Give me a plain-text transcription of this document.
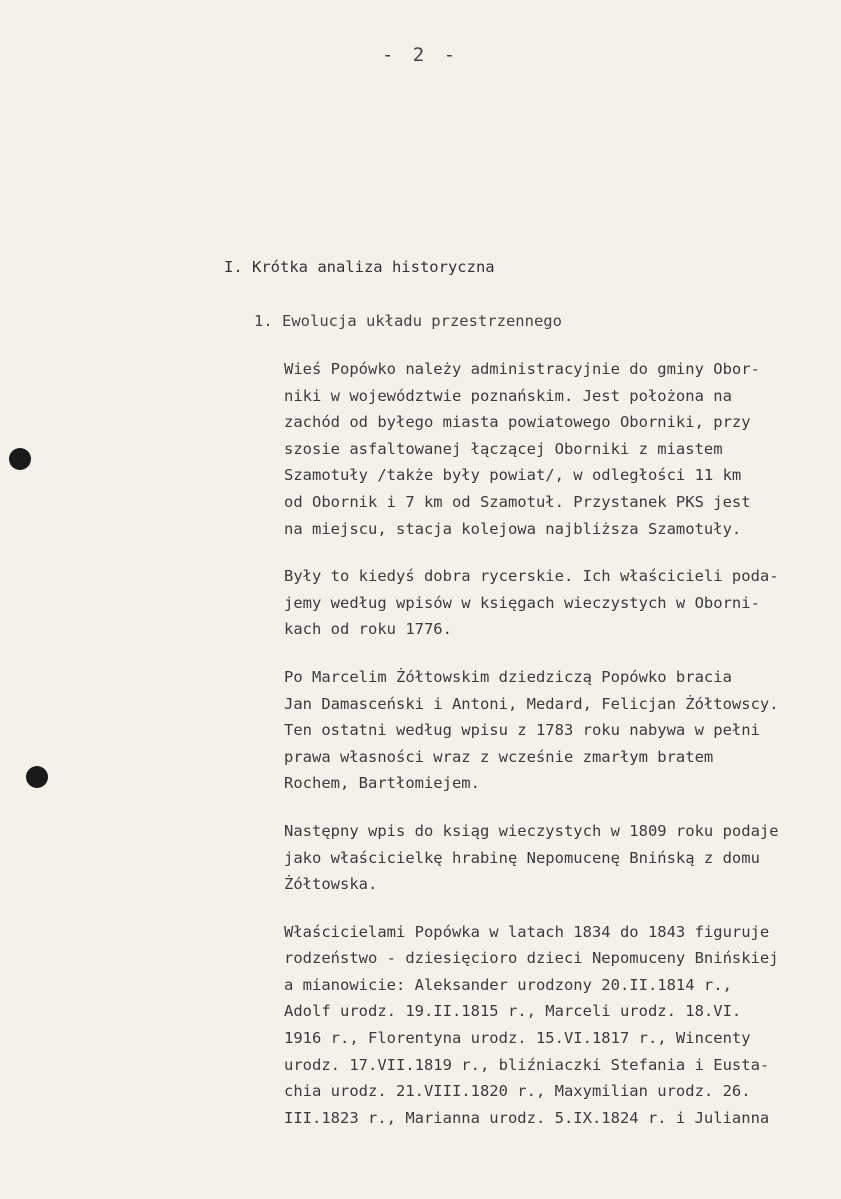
- 2 -
I. Krótka analiza historyczna
1. Ewolucja układu przestrzennego

Wieś Popówko należy administracyjnie do gminy Obor-
niki w województwie poznańskim. Jest położona na
zachód od byłego miasta powiatowego Oborniki, przy
szosie asfaltowanej łączącej Oborniki z miastem
Szamotuły /także były powiat/, w odległości 11 km
od Obornik i 7 km od Szamotuł. Przystanek PKS jest
na miejscu, stacja kolejowa najbliższa Szamotuły.

Były to kiedyś dobra rycerskie. Ich właścicieli poda-
jemy według wpisów w księgach wieczystych w Oborni-
kach od roku 1776.

Po Marcelim Żółtowskim dziedziczą Popówko bracia
Jan Damasceński i Antoni, Medard, Felicjan Żółtowscy.
Ten ostatni według wpisu z 1783 roku nabywa w pełni
prawa własności wraz z wcześnie zmarłym bratem
Rochem, Bartłomiejem.

Następny wpis do ksiąg wieczystych w 1809 roku podaje
jako właścicielkę hrabinę Nepomucenę Bnińską z domu
Żółtowska.

Właścicielami Popówka w latach 1834 do 1843 figuruje
rodzeństwo - dziesięcioro dzieci Nepomuceny Bnińskiej
a mianowicie: Aleksander urodzony 20.II.1814 r.,
Adolf urodz. 19.II.1815 r., Marceli urodz. 18.VI.
1916 r., Florentyna urodz. 15.VI.1817 r., Wincenty
urodz. 17.VII.1819 r., bliźniaczki Stefania i Eusta-
chia urodz. 21.VIII.1820 r., Maxymilian urodz. 26.
III.1823 r., Marianna urodz. 5.IX.1824 r. i Julianna
